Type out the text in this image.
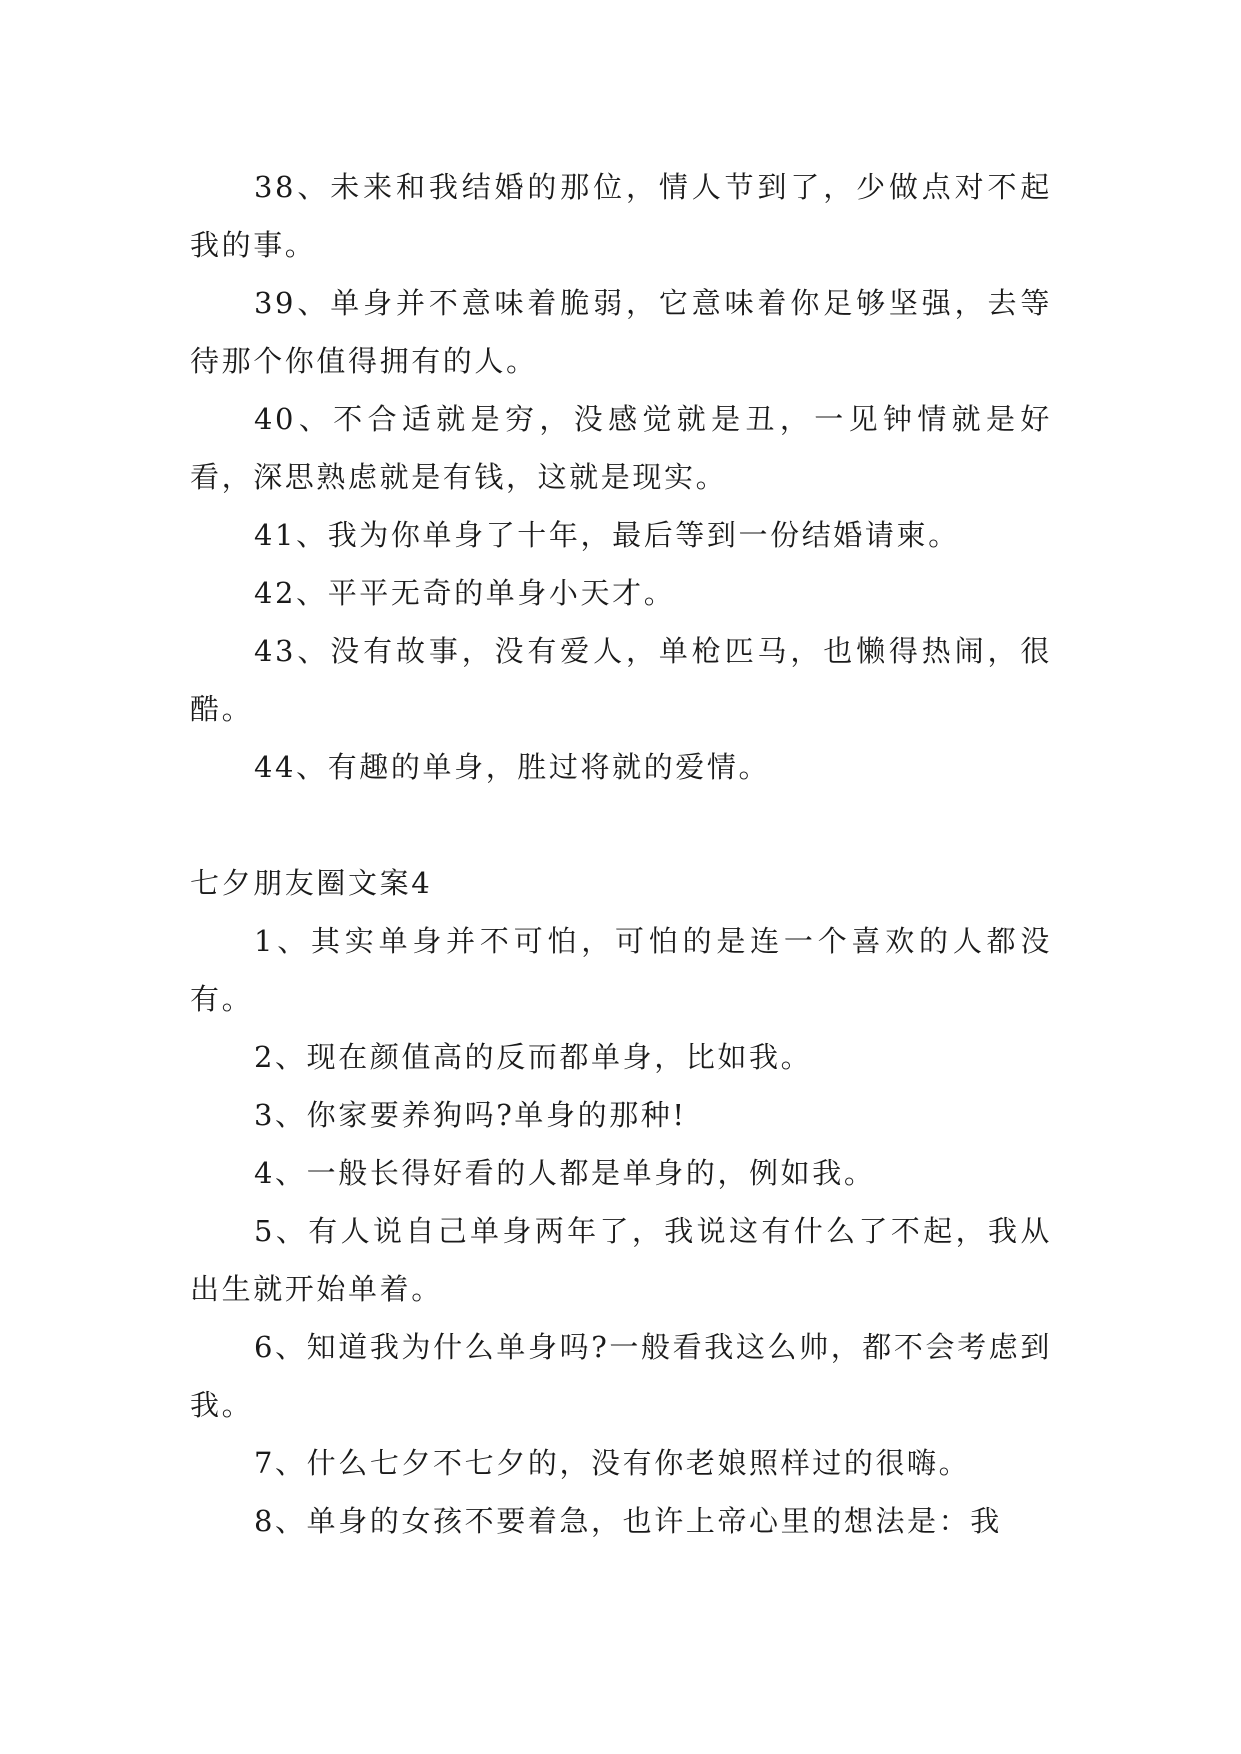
38、未来和我结婚的那位，情人节到了，少做点对不起我的事。

39、单身并不意味着脆弱，它意味着你足够坚强，去等待那个你值得拥有的人。

40、不合适就是穷，没感觉就是丑，一见钟情就是好看，深思熟虑就是有钱，这就是现实。

41、我为你单身了十年，最后等到一份结婚请柬。

42、平平无奇的单身小天才。

43、没有故事，没有爱人，单枪匹马，也懒得热闹，很酷。

44、有趣的单身，胜过将就的爱情。

七夕朋友圈文案4

1、其实单身并不可怕，可怕的是连一个喜欢的人都没有。

2、现在颜值高的反而都单身，比如我。

3、你家要养狗吗?单身的那种!

4、一般长得好看的人都是单身的，例如我。

5、有人说自己单身两年了，我说这有什么了不起，我从出生就开始单着。

6、知道我为什么单身吗?一般看我这么帅，都不会考虑到我。

7、什么七夕不七夕的，没有你老娘照样过的很嗨。

8、单身的女孩不要着急，也许上帝心里的想法是：我
